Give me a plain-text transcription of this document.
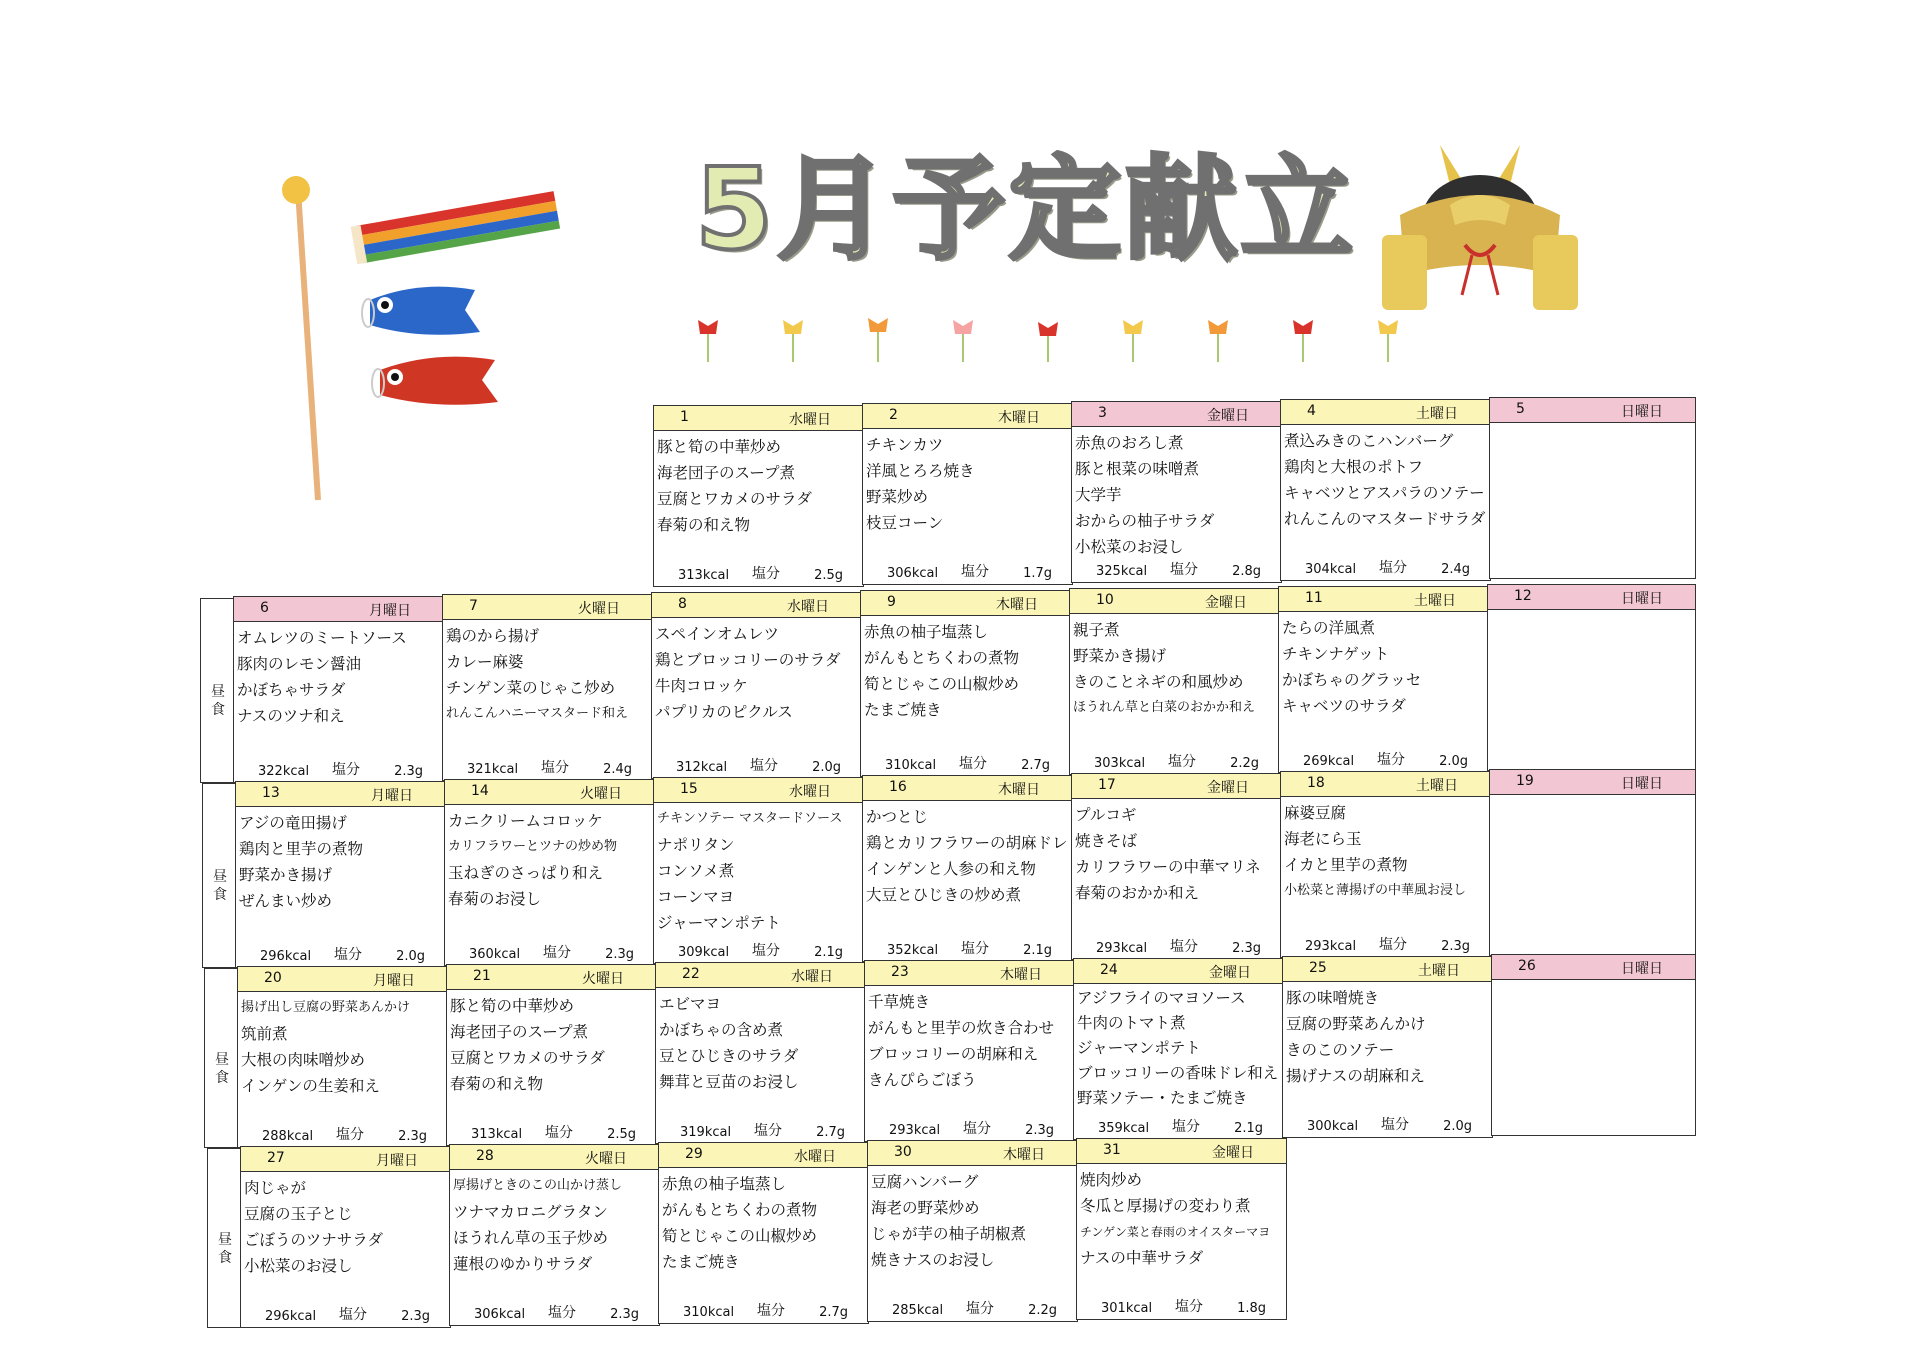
5月予定献立
1	水曜日
豚と筍の中華炒め
海老団子のスープ煮
豆腐とワカメのサラダ
春菊の和え物
313kcal 塩分	2.5g
2	木曜日
チキンカツ
洋風とろろ焼き
野菜炒め
枝豆コーン
306kcal 塩分	1.7g
3	金曜日
赤魚のおろし煮
豚と根菜の味噌煮
大学芋
おからの柚子サラダ
小松菜のお浸し
325kcal 塩分	2.8g
4	土曜日
煮込みきのこハンバーグ
鶏肉と大根のポトフ
キャベツとアスパラのソテー
れんこんのマスタードサラダ
304kcal 塩分	2.4g
5	日曜日
昼
食
6	月曜日
オムレツのミートソース
豚肉のレモン醤油
かぼちゃサラダ
ナスのツナ和え
322kcal 塩分	2.3g
7	火曜日
鶏のから揚げ
カレー麻婆
チンゲン菜のじゃこ炒め
れんこんハニーマスタード和え
321kcal 塩分	2.4g
8	水曜日
スペインオムレツ
鶏とブロッコリーのサラダ
牛肉コロッケ
パプリカのピクルス
312kcal 塩分	2.0g
9	木曜日
赤魚の柚子塩蒸し
がんもとちくわの煮物
筍とじゃこの山椒炒め
たまご焼き
310kcal 塩分	2.7g
10	金曜日
親子煮
野菜かき揚げ
きのことネギの和風炒め
ほうれん草と白菜のおかか和え
303kcal 塩分	2.2g
11	土曜日
たらの洋風煮
チキンナゲット
かぼちゃのグラッセ
キャベツのサラダ
269kcal 塩分	2.0g
12	日曜日
昼
食
13	月曜日
アジの竜田揚げ
鶏肉と里芋の煮物
野菜かき揚げ
ぜんまい炒め
296kcal 塩分	2.0g
14	火曜日
カニクリームコロッケ
カリフラワーとツナの炒め物
玉ねぎのさっぱり和え
春菊のお浸し
360kcal 塩分	2.3g
15	水曜日
チキンソテー マスタードソース
ナポリタン
コンソメ煮
コーンマヨ
ジャーマンポテト
309kcal 塩分	2.1g
16	木曜日
かつとじ
鶏とカリフラワーの胡麻ドレ
インゲンと人参の和え物
大豆とひじきの炒め煮
352kcal 塩分	2.1g
17	金曜日
プルコギ
焼きそば
カリフラワーの中華マリネ
春菊のおかか和え
293kcal 塩分	2.3g
18	土曜日
麻婆豆腐
海老にら玉
イカと里芋の煮物
小松菜と薄揚げの中華風お浸し
293kcal 塩分	2.3g
19	日曜日
昼
食
20	月曜日
揚げ出し豆腐の野菜あんかけ
筑前煮
大根の肉味噌炒め
インゲンの生姜和え
288kcal 塩分	2.3g
21	火曜日
豚と筍の中華炒め
海老団子のスープ煮
豆腐とワカメのサラダ
春菊の和え物
313kcal 塩分	2.5g
22	水曜日
エビマヨ
かぼちゃの含め煮
豆とひじきのサラダ
舞茸と豆苗のお浸し
319kcal 塩分	2.7g
23	木曜日
千草焼き
がんもと里芋の炊き合わせ
ブロッコリーの胡麻和え
きんぴらごぼう
293kcal 塩分	2.3g
24	金曜日
アジフライのマヨソース
牛肉のトマト煮
ジャーマンポテト
ブロッコリーの香味ドレ和え
野菜ソテー・たまご焼き
359kcal 塩分	2.1g
25	土曜日
豚の味噌焼き
豆腐の野菜あんかけ
きのこのソテー
揚げナスの胡麻和え
300kcal 塩分	2.0g
26	日曜日
昼
食
27	月曜日
肉じゃが
豆腐の玉子とじ
ごぼうのツナサラダ
小松菜のお浸し
296kcal 塩分	2.3g
28	火曜日
厚揚げときのこの山かけ蒸し
ツナマカロニグラタン
ほうれん草の玉子炒め
蓮根のゆかりサラダ
306kcal 塩分	2.3g
29	水曜日
赤魚の柚子塩蒸し
がんもとちくわの煮物
筍とじゃこの山椒炒め
たまご焼き
310kcal 塩分	2.7g
30	木曜日
豆腐ハンバーグ
海老の野菜炒め
じゃが芋の柚子胡椒煮
焼きナスのお浸し
285kcal 塩分	2.2g
31	金曜日
焼肉炒め
冬瓜と厚揚げの変わり煮
チンゲン菜と春雨のオイスターマヨ
ナスの中華サラダ
301kcal 塩分	1.8g
